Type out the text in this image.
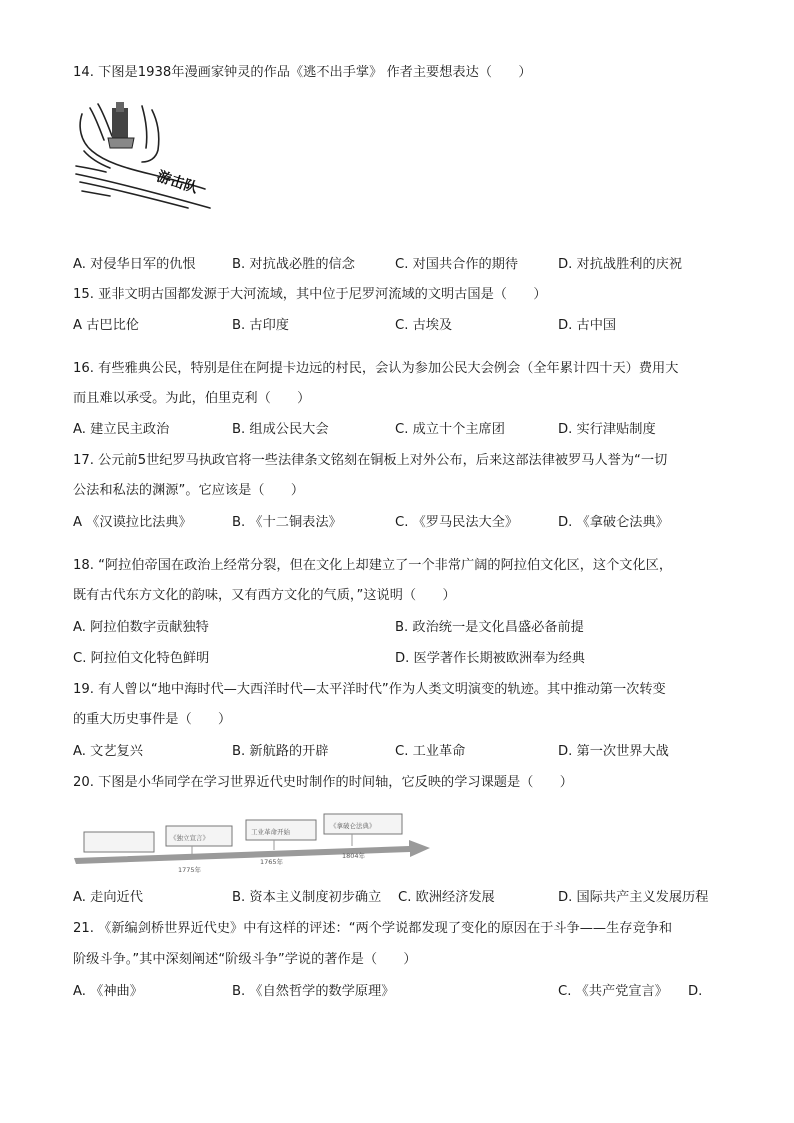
14. 下图是1938年漫画家钟灵的作品《逃不出手掌》 作者主要想表达（　　）
游击队
A. 对侵华日军的仇恨	B. 对抗战必胜的信念	C. 对国共合作的期待	D. 对抗战胜利的庆祝
15. 亚非文明古国都发源于大河流域，其中位于尼罗河流域的文明古国是（　　）
A 古巴比伦	B. 古印度	C. 古埃及	D. 古中国
16. 有些雅典公民，特别是住在阿提卡边远的村民，会认为参加公民大会例会（全年累计四十天）费用大
而且难以承受。为此，伯里克利（　　）
A. 建立民主政治	B. 组成公民大会	C. 成立十个主席团	D. 实行津贴制度
17. 公元前5世纪罗马执政官将一些法律条文铭刻在铜板上对外公布，后来这部法律被罗马人誉为“一切
公法和私法的渊源”。它应该是（　　）
A 《汉谟拉比法典》	B. 《十二铜表法》	C. 《罗马民法大全》	D. 《拿破仑法典》
18. “阿拉伯帝国在政治上经常分裂，但在文化上却建立了一个非常广阔的阿拉伯文化区，这个文化区，
既有古代东方文化的韵味，又有西方文化的气质，”这说明（　　）
A. 阿拉伯数字贡献独特	B. 政治统一是文化昌盛必备前提
C. 阿拉伯文化特色鲜明	D. 医学著作长期被欧洲奉为经典
19. 有人曾以“地中海时代—大西洋时代—太平洋时代”作为人类文明演变的轨迹。其中推动第一次转变
的重大历史事件是（　　）
A. 文艺复兴	B. 新航路的开辟	C. 工业革命	D. 第一次世界大战
20. 下图是小华同学在学习世界近代史时制作的时间轴，它反映的学习课题是（　　）
《独立宣言》
工业革命开始
《拿破仑法典》
1775年
1765年
1804年
A. 走向近代	B. 资本主义制度初步确立 C. 欧洲经济发展	D. 国际共产主义发展历程
21. 《新编剑桥世界近代史》中有这样的评述：“两个学说都发现了变化的原因在于斗争——生存竞争和
阶级斗争。”其中深刻阐述“阶级斗争”学说的著作是（　　）
A. 《神曲》	B. 《自然哲学的数学原理》	C. 《共产党宣言》 D.
